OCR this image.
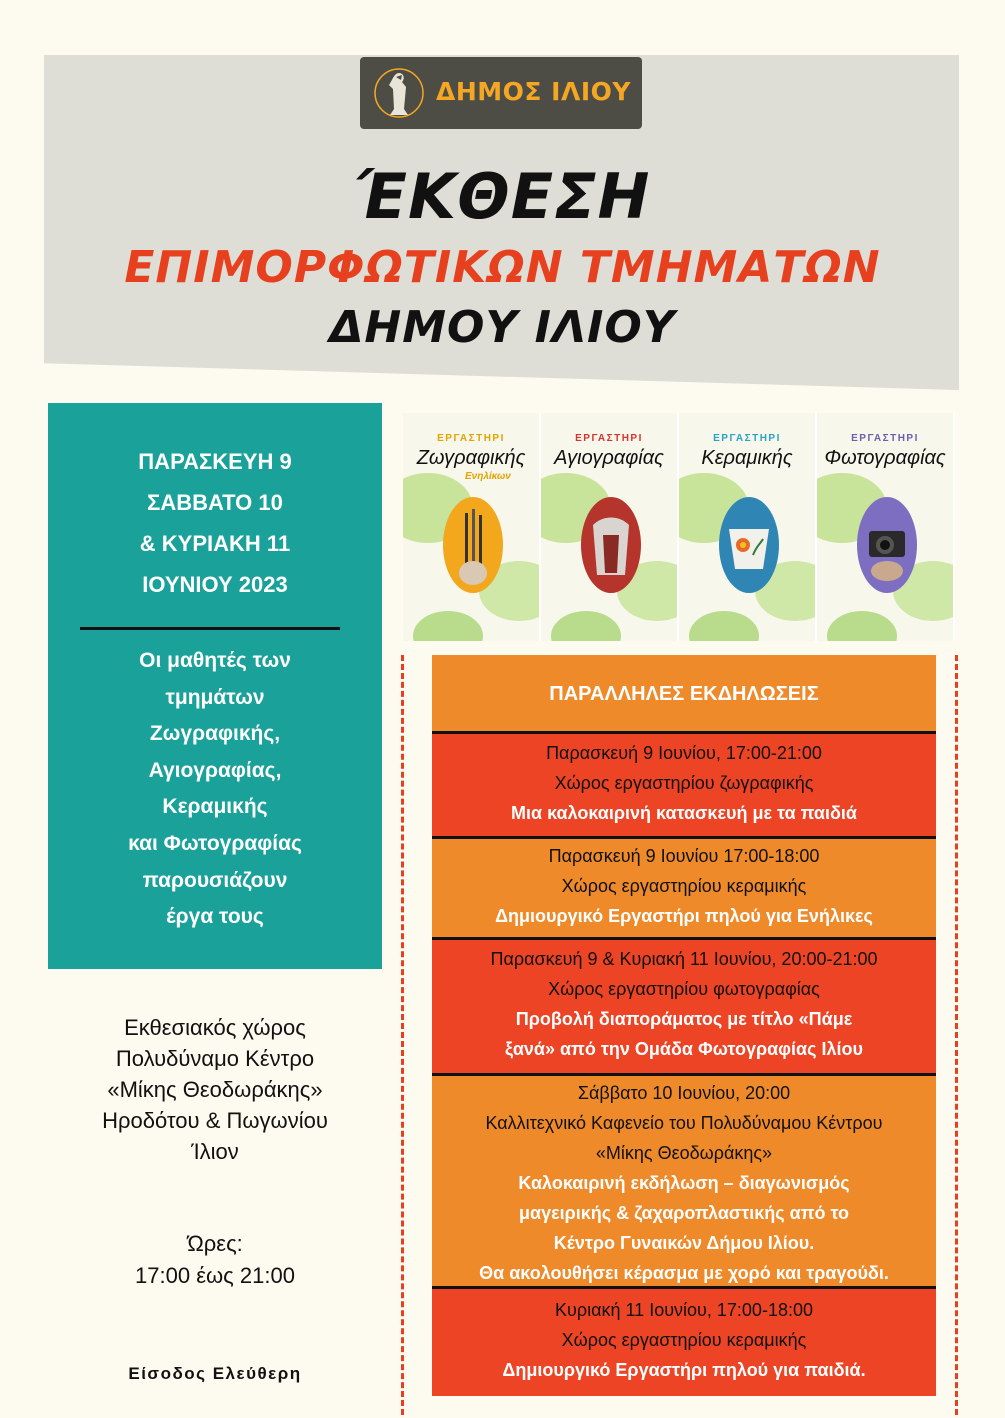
ΔΗΜΟΣ ΙΛΙΟΥ
ΈΚΘΕΣΗ
ΕΠΙΜΟΡΦΩΤΙΚΩΝ ΤΜΗΜΑΤΩΝ
ΔΗΜΟΥ ΙΛΙΟΥ
ΠΑΡΑΣΚΕΥΗ 9
ΣΑΒΒΑΤΟ 10
& ΚΥΡΙΑΚΗ 11
ΙΟΥΝΙΟΥ 2023
Οι μαθητές των
τμημάτων
Ζωγραφικής,
Αγιογραφίας,
Κεραμικής
και Φωτογραφίας
παρουσιάζουν
έργα τους
Εκθεσιακός χώρος
Πολυδύναμο Κέντρο
«Μίκης Θεοδωράκης»
Ηροδότου & Πωγωνίου
Ίλιον
Ώρες:
17:00 έως 21:00
Είσοδος Ελεύθερη
ΕΡΓΑΣΤΗΡΙ
Ζωγραφικής
Ενηλίκων
ΕΡΓΑΣΤΗΡΙ
Αγιογραφίας
ΕΡΓΑΣΤΗΡΙ
Κεραμικής
ΕΡΓΑΣΤΗΡΙ
Φωτογραφίας
ΠΑΡΑΛΛΗΛΕΣ ΕΚΔΗΛΩΣΕΙΣ
Παρασκευή 9 Ιουνίου, 17:00-21:00
Χώρος εργαστηρίου ζωγραφικής
Μια καλοκαιρινή κατασκευή με τα παιδιά
Παρασκευή 9 Ιουνίου 17:00-18:00
Χώρος εργαστηρίου κεραμικής
Δημιουργικό Εργαστήρι πηλού για Ενήλικες
Παρασκευή 9 & Κυριακή 11 Ιουνίου, 20:00-21:00
Χώρος εργαστηρίου φωτογραφίας
Προβολή διαποράματος με τίτλο «Πάμε
ξανά» από την Ομάδα Φωτογραφίας Ιλίου
Σάββατο 10 Ιουνίου, 20:00
Καλλιτεχνικό Καφενείο του Πολυδύναμου Κέντρου
«Μίκης Θεοδωράκης»
Καλοκαιρινή εκδήλωση – διαγωνισμός
μαγειρικής & ζαχαροπλαστικής από το
Κέντρο Γυναικών Δήμου Ιλίου.
Θα ακολουθήσει κέρασμα με χορό και τραγούδι.
Κυριακή 11 Ιουνίου, 17:00-18:00
Χώρος εργαστηρίου κεραμικής
Δημιουργικό Εργαστήρι πηλού για παιδιά.
